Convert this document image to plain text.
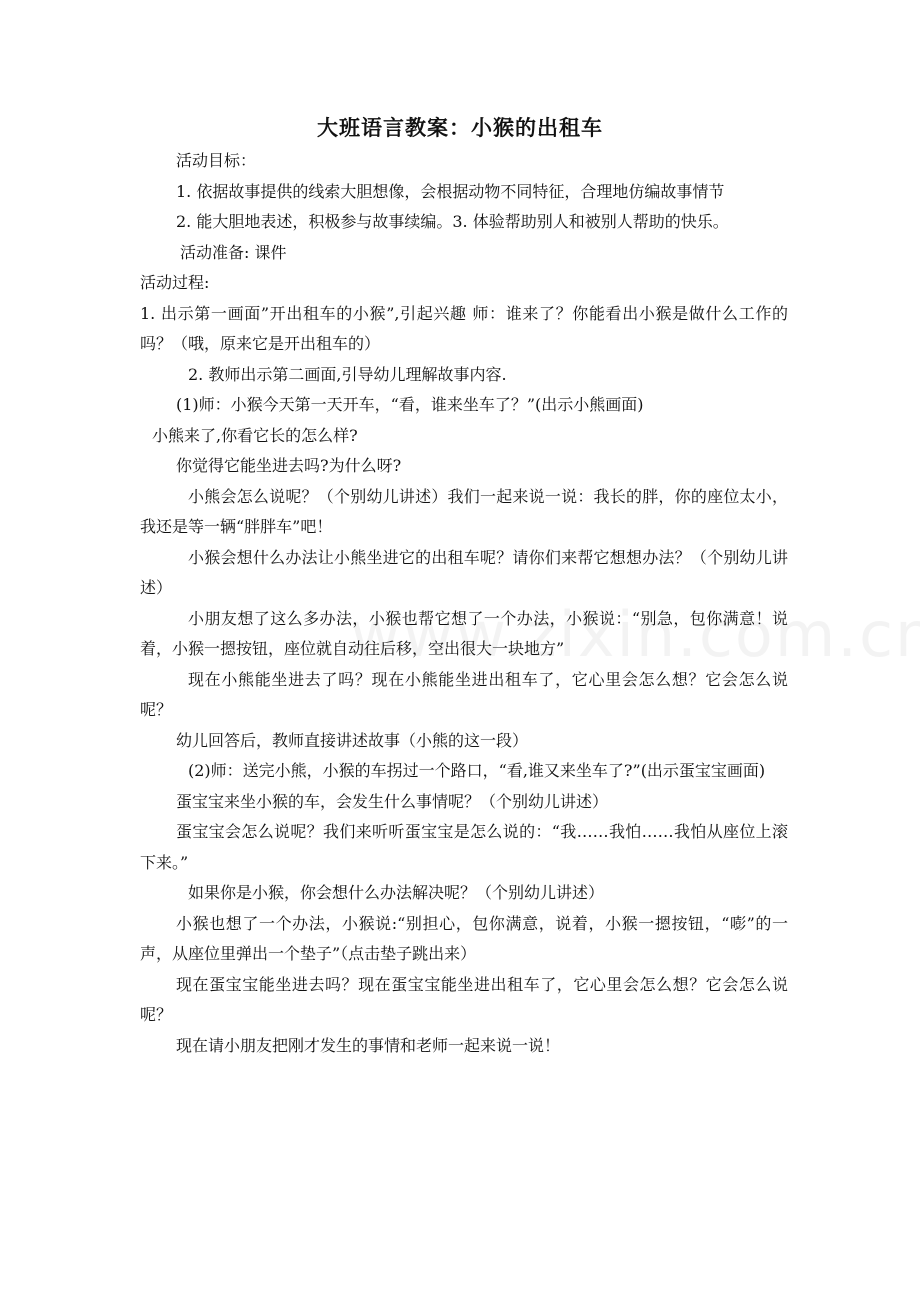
大班语言教案：小猴的出租车

活动目标：

1. 依据故事提供的线索大胆想像，会根据动物不同特征，合理地仿编故事情节

2. 能大胆地表述，积极参与故事续编。3. 体验帮助别人和被别人帮助的快乐。

活动准备: 课件

活动过程:

1. 出示第一画面”开出租车的小猴”,引起兴趣 师：谁来了？你能看出小猴是做什么工作的吗？（哦，原来它是开出租车的）

2. 教师出示第二画面,引导幼儿理解故事内容.

(1)师：小猴今天第一天开车，“看，谁来坐车了？”(出示小熊画面)

小熊来了,你看它长的怎么样?

你觉得它能坐进去吗?为什么呀?

小熊会怎么说呢？（个别幼儿讲述）我们一起来说一说：我长的胖，你的座位太小，我还是等一辆“胖胖车”吧！

小猴会想什么办法让小熊坐进它的出租车呢？请你们来帮它想想办法？（个别幼儿讲述）

小朋友想了这么多办法，小猴也帮它想了一个办法，小猴说：“别急，包你满意！说着，小猴一摁按钮，座位就自动往后移，空出很大一块地方”

现在小熊能坐进去了吗？现在小熊能坐进出租车了，它心里会怎么想？它会怎么说呢？

幼儿回答后，教师直接讲述故事（小熊的这一段）

(2)师：送完小熊，小猴的车拐过一个路口，“看,谁又来坐车了?”(出示蛋宝宝画面)

蛋宝宝来坐小猴的车，会发生什么事情呢？（个别幼儿讲述）

蛋宝宝会怎么说呢？我们来听听蛋宝宝是怎么说的：“我……我怕……我怕从座位上滚下来。”

如果你是小猴，你会想什么办法解决呢？（个别幼儿讲述）

小猴也想了一个办法，小猴说:“别担心，包你满意，说着，小猴一摁按钮，“嘭”的一声，从座位里弹出一个垫子”（点击垫子跳出来）

现在蛋宝宝能坐进去吗？现在蛋宝宝能坐进出租车了，它心里会怎么想？它会怎么说呢？

现在请小朋友把刚才发生的事情和老师一起来说一说！
